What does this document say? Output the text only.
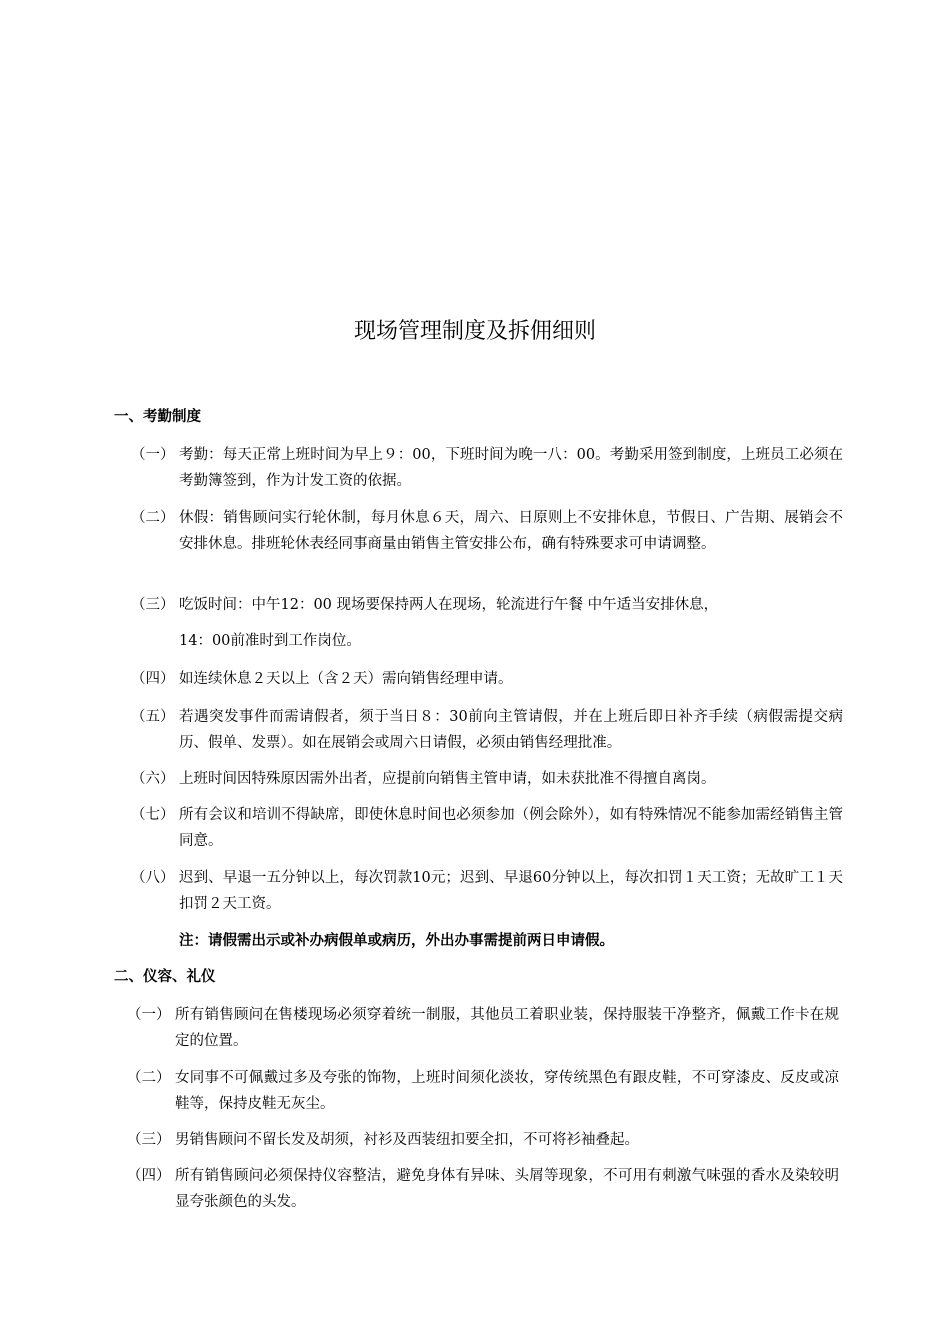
现场管理制度及拆佣细则
一、考勤制度
（一） 考勤：每天正常上班时间为早上９：00，下班时间为晚一八：00。考勤采用签到制度，上班员工必须在考勤簿签到，作为计发工资的依据。
（二） 休假：销售顾问实行轮休制，每月休息６天，周六、日原则上不安排休息，节假日、广告期、展销会不安排休息。排班轮休表经同事商量由销售主管安排公布，确有特殊要求可申请调整。
（三） 吃饭时间：中午12：00 现场要保持两人在现场，轮流进行午餐 中午适当安排休息，
14：00前准时到工作岗位。
（四） 如连续休息２天以上（含２天）需向销售经理申请。
（五） 若遇突发事件而需请假者，须于当日８：30前向主管请假，并在上班后即日补齐手续（病假需提交病历、假单、发票）。如在展销会或周六日请假，必须由销售经理批准。
（六） 上班时间因特殊原因需外出者，应提前向销售主管申请，如未获批准不得擅自离岗。
（七） 所有会议和培训不得缺席，即使休息时间也必须参加（例会除外），如有特殊情况不能参加需经销售主管同意。
（八） 迟到、早退一五分钟以上，每次罚款10元；迟到、早退60分钟以上，每次扣罚１天工资；无故旷工１天扣罚２天工资。
注：请假需出示或补办病假单或病历，外出办事需提前两日申请假。
二、仪容、礼仪
（一） 所有销售顾问在售楼现场必须穿着统一制服，其他员工着职业装，保持服装干净整齐，佩戴工作卡在规定的位置。
（二） 女同事不可佩戴过多及夸张的饰物，上班时间须化淡妆，穿传统黑色有跟皮鞋，不可穿漆皮、反皮或凉鞋等，保持皮鞋无灰尘。
（三） 男销售顾问不留长发及胡须，衬衫及西装纽扣要全扣，不可将衫袖叠起。
（四） 所有销售顾问必须保持仪容整洁，避免身体有异味、头屑等现象，不可用有刺激气味强的香水及染较明显夸张颜色的头发。
